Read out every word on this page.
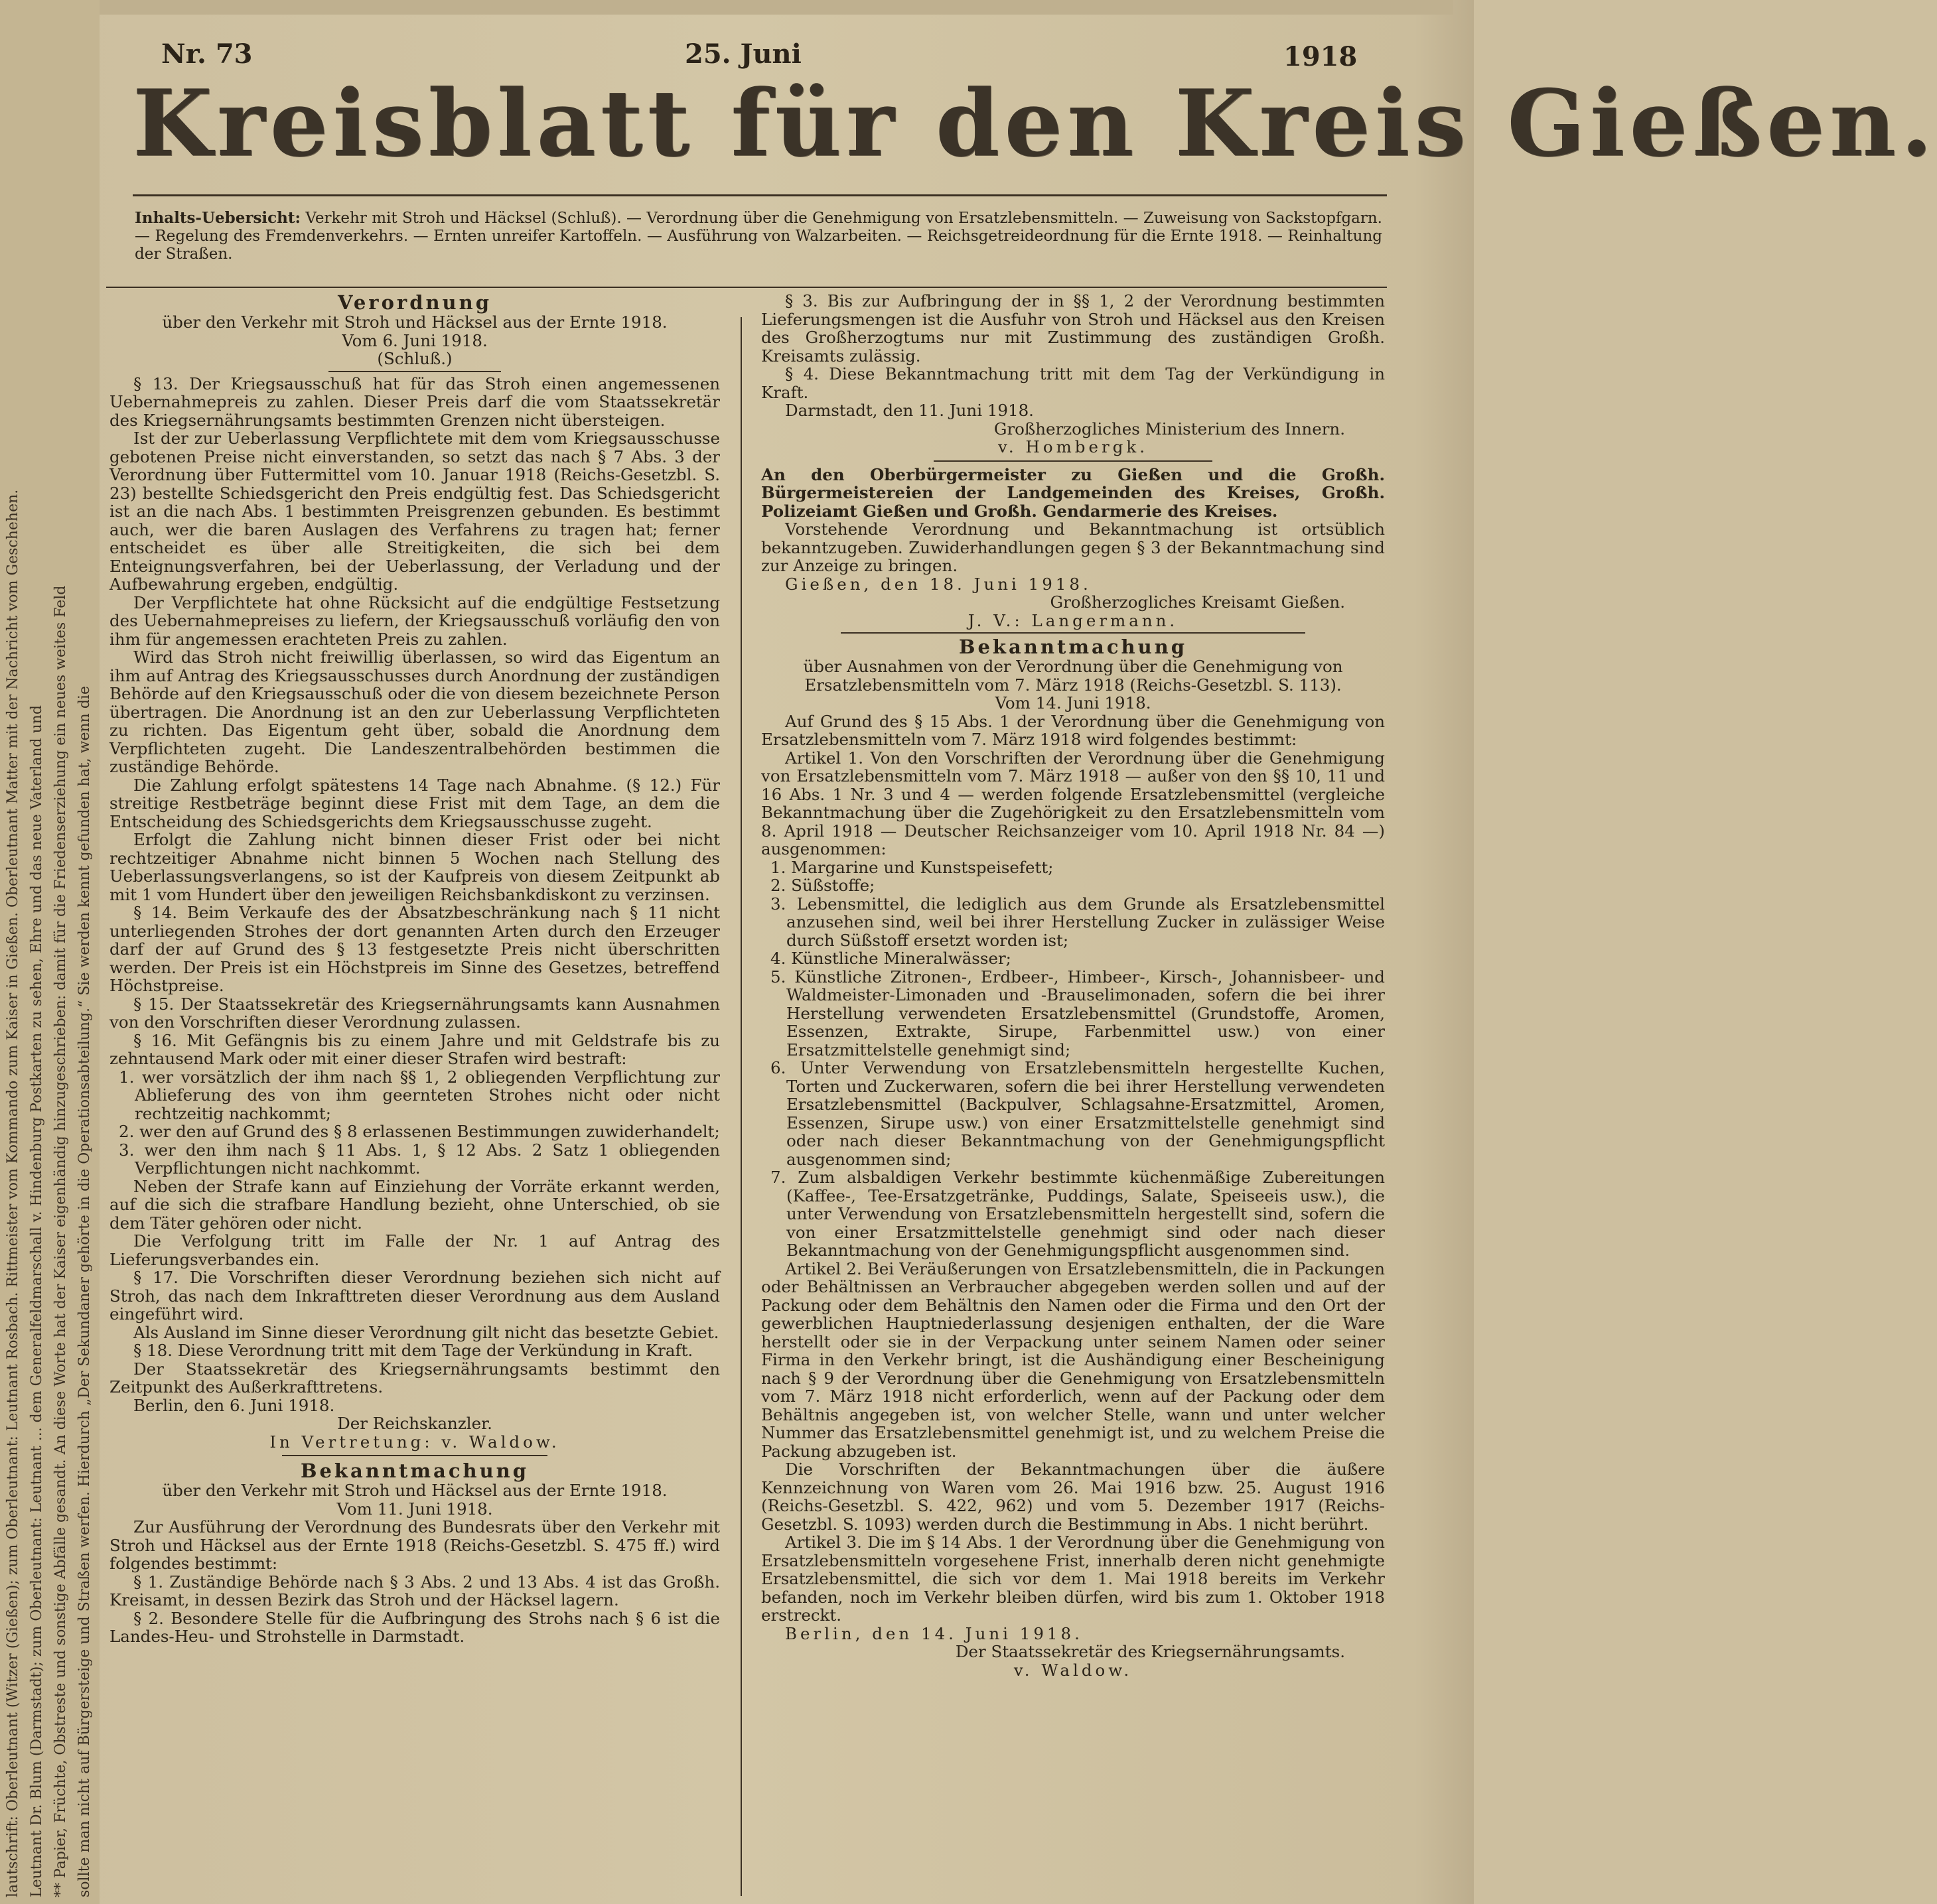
lautschrift: Oberleutnant (Witzer (Gießen); zum Oberleutnant: Leutnant Rosbach. Rittmeister vom Kommando zum Kaiser in Gießen. Oberleutnant Matter mit der Nachricht vom Geschehen. Leutnant Dr. Blum (Darmstadt); zum Oberleutnant: Leutnant ... dem Generalfeldmarschall v. Hindenburg Postkarten zu sehen, Ehre und das neue Vaterland und ** Papier, Früchte, Obstreste und sonstige Abfälle gesandt. An diese Worte hat der Kaiser eigenhändig hinzugeschrieben: damit für die Friedenserziehung ein neues weites Feld sollte man nicht auf Bürgersteige und Straßen werfen. Hierdurch „Der Sekundaner gehörte in die Operationsabteilung.“ Sie werden kennt gefunden hat, wenn die
Nr. 73	25. Juni	1918
Kreisblatt für den Kreis Gießen.
Inhalts-Uebersicht: Verkehr mit Stroh und Häcksel (Schluß). — Verordnung über die Genehmigung von Ersatzlebensmitteln. — Zuweisung von Sackstopfgarn. — Regelung des Fremdenverkehrs. — Ernten unreifer Kartoffeln. — Ausführung von Walzarbeiten. — Reichsgetreideordnung für die Ernte 1918. — Reinhaltung der Straßen.
Verordnung
über den Verkehr mit Stroh und Häcksel aus der Ernte 1918.
Vom 6. Juni 1918.
(Schluß.)
§ 13. Der Kriegsausschuß hat für das Stroh einen angemessenen Uebernahmepreis zu zahlen. Dieser Preis darf die vom Staatssekretär des Kriegsernährungsamts bestimmten Grenzen nicht übersteigen.
Ist der zur Ueberlassung Verpflichtete mit dem vom Kriegsausschusse gebotenen Preise nicht einverstanden, so setzt das nach § 7 Abs. 3 der Verordnung über Futtermittel vom 10. Januar 1918 (Reichs-Gesetzbl. S. 23) bestellte Schiedsgericht den Preis endgültig fest. Das Schiedsgericht ist an die nach Abs. 1 bestimmten Preisgrenzen gebunden. Es bestimmt auch, wer die baren Auslagen des Verfahrens zu tragen hat; ferner entscheidet es über alle Streitigkeiten, die sich bei dem Enteignungsverfahren, bei der Ueberlassung, der Verladung und der Aufbewahrung ergeben, endgültig.
Der Verpflichtete hat ohne Rücksicht auf die endgültige Festsetzung des Uebernahmepreises zu liefern, der Kriegsausschuß vorläufig den von ihm für angemessen erachteten Preis zu zahlen.
Wird das Stroh nicht freiwillig überlassen, so wird das Eigentum an ihm auf Antrag des Kriegsausschusses durch Anordnung der zuständigen Behörde auf den Kriegsausschuß oder die von diesem bezeichnete Person übertragen. Die Anordnung ist an den zur Ueberlassung Verpflichteten zu richten. Das Eigentum geht über, sobald die Anordnung dem Verpflichteten zugeht. Die Landeszentralbehörden bestimmen die zuständige Behörde.
Die Zahlung erfolgt spätestens 14 Tage nach Abnahme. (§ 12.) Für streitige Restbeträge beginnt diese Frist mit dem Tage, an dem die Entscheidung des Schiedsgerichts dem Kriegsausschusse zugeht.
Erfolgt die Zahlung nicht binnen dieser Frist oder bei nicht rechtzeitiger Abnahme nicht binnen 5 Wochen nach Stellung des Ueberlassungsverlangens, so ist der Kaufpreis von diesem Zeitpunkt ab mit 1 vom Hundert über den jeweiligen Reichsbankdiskont zu verzinsen.
§ 14. Beim Verkaufe des der Absatzbeschränkung nach § 11 nicht unterliegenden Strohes der dort genannten Arten durch den Erzeuger darf der auf Grund des § 13 festgesetzte Preis nicht überschritten werden. Der Preis ist ein Höchstpreis im Sinne des Gesetzes, betreffend Höchstpreise.
§ 15. Der Staatssekretär des Kriegsernährungsamts kann Ausnahmen von den Vorschriften dieser Verordnung zulassen.
§ 16. Mit Gefängnis bis zu einem Jahre und mit Geldstrafe bis zu zehntausend Mark oder mit einer dieser Strafen wird bestraft:
1. wer vorsätzlich der ihm nach §§ 1, 2 obliegenden Verpflichtung zur Ablieferung des von ihm geernteten Strohes nicht oder nicht rechtzeitig nachkommt;
2. wer den auf Grund des § 8 erlassenen Bestimmungen zuwiderhandelt;
3. wer den ihm nach § 11 Abs. 1, § 12 Abs. 2 Satz 1 obliegenden Verpflichtungen nicht nachkommt.
Neben der Strafe kann auf Einziehung der Vorräte erkannt werden, auf die sich die strafbare Handlung bezieht, ohne Unterschied, ob sie dem Täter gehören oder nicht.
Die Verfolgung tritt im Falle der Nr. 1 auf Antrag des Lieferungsverbandes ein.
§ 17. Die Vorschriften dieser Verordnung beziehen sich nicht auf Stroh, das nach dem Inkrafttreten dieser Verordnung aus dem Ausland eingeführt wird.
Als Ausland im Sinne dieser Verordnung gilt nicht das besetzte Gebiet.
§ 18. Diese Verordnung tritt mit dem Tage der Verkündung in Kraft.
Der Staatssekretär des Kriegsernährungsamts bestimmt den Zeitpunkt des Außerkrafttretens.
Berlin, den 6. Juni 1918.
Der Reichskanzler.
In Vertretung: v. Waldow.
Bekanntmachung
über den Verkehr mit Stroh und Häcksel aus der Ernte 1918.
Vom 11. Juni 1918.
Zur Ausführung der Verordnung des Bundesrats über den Verkehr mit Stroh und Häcksel aus der Ernte 1918 (Reichs-Gesetzbl. S. 475 ff.) wird folgendes bestimmt:
§ 1. Zuständige Behörde nach § 3 Abs. 2 und 13 Abs. 4 ist das Großh. Kreisamt, in dessen Bezirk das Stroh und der Häcksel lagern.
§ 2. Besondere Stelle für die Aufbringung des Strohs nach § 6 ist die Landes-Heu- und Strohstelle in Darmstadt.
§ 3. Bis zur Aufbringung der in §§ 1, 2 der Verordnung bestimmten Lieferungsmengen ist die Ausfuhr von Stroh und Häcksel aus den Kreisen des Großherzogtums nur mit Zustimmung des zuständigen Großh. Kreisamts zulässig.
§ 4. Diese Bekanntmachung tritt mit dem Tag der Verkündigung in Kraft.
Darmstadt, den 11. Juni 1918.
Großherzogliches Ministerium des Innern.
v. Hombergk.
An den Oberbürgermeister zu Gießen und die Großh. Bürgermeistereien der Landgemeinden des Kreises, Großh. Polizeiamt Gießen und Großh. Gendarmerie des Kreises.
Vorstehende Verordnung und Bekanntmachung ist ortsüblich bekanntzugeben. Zuwiderhandlungen gegen § 3 der Bekanntmachung sind zur Anzeige zu bringen.
Gießen, den 18. Juni 1918.
Großherzogliches Kreisamt Gießen.
J. V.: Langermann.
Bekanntmachung
über Ausnahmen von der Verordnung über die Genehmigung von Ersatzlebensmitteln vom 7. März 1918 (Reichs-Gesetzbl. S. 113).
Vom 14. Juni 1918.
Auf Grund des § 15 Abs. 1 der Verordnung über die Genehmigung von Ersatzlebensmitteln vom 7. März 1918 wird folgendes bestimmt:
Artikel 1. Von den Vorschriften der Verordnung über die Genehmigung von Ersatzlebensmitteln vom 7. März 1918 — außer von den §§ 10, 11 und 16 Abs. 1 Nr. 3 und 4 — werden folgende Ersatzlebensmittel (vergleiche Bekanntmachung über die Zugehörigkeit zu den Ersatzlebensmitteln vom 8. April 1918 — Deutscher Reichsanzeiger vom 10. April 1918 Nr. 84 —) ausgenommen:
1. Margarine und Kunstspeisefett;
2. Süßstoffe;
3. Lebensmittel, die lediglich aus dem Grunde als Ersatzlebensmittel anzusehen sind, weil bei ihrer Herstellung Zucker in zulässiger Weise durch Süßstoff ersetzt worden ist;
4. Künstliche Mineralwässer;
5. Künstliche Zitronen-, Erdbeer-, Himbeer-, Kirsch-, Johannisbeer- und Waldmeister-Limonaden und -Brauselimonaden, sofern die bei ihrer Herstellung verwendeten Ersatzlebensmittel (Grundstoffe, Aromen, Essenzen, Extrakte, Sirupe, Farbenmittel usw.) von einer Ersatzmittelstelle genehmigt sind;
6. Unter Verwendung von Ersatzlebensmitteln hergestellte Kuchen, Torten und Zuckerwaren, sofern die bei ihrer Herstellung verwendeten Ersatzlebensmittel (Backpulver, Schlagsahne-Ersatzmittel, Aromen, Essenzen, Sirupe usw.) von einer Ersatzmittelstelle genehmigt sind oder nach dieser Bekanntmachung von der Genehmigungspflicht ausgenommen sind;
7. Zum alsbaldigen Verkehr bestimmte küchenmäßige Zubereitungen (Kaffee-, Tee-Ersatzgetränke, Puddings, Salate, Speiseeis usw.), die unter Verwendung von Ersatzlebensmitteln hergestellt sind, sofern die von einer Ersatzmittelstelle genehmigt sind oder nach dieser Bekanntmachung von der Genehmigungspflicht ausgenommen sind.
Artikel 2. Bei Veräußerungen von Ersatzlebensmitteln, die in Packungen oder Behältnissen an Verbraucher abgegeben werden sollen und auf der Packung oder dem Behältnis den Namen oder die Firma und den Ort der gewerblichen Hauptniederlassung desjenigen enthalten, der die Ware herstellt oder sie in der Verpackung unter seinem Namen oder seiner Firma in den Verkehr bringt, ist die Aushändigung einer Bescheinigung nach § 9 der Verordnung über die Genehmigung von Ersatzlebensmitteln vom 7. März 1918 nicht erforderlich, wenn auf der Packung oder dem Behältnis angegeben ist, von welcher Stelle, wann und unter welcher Nummer das Ersatzlebensmittel genehmigt ist, und zu welchem Preise die Packung abzugeben ist.
Die Vorschriften der Bekanntmachungen über die äußere Kennzeichnung von Waren vom 26. Mai 1916 bzw. 25. August 1916 (Reichs-Gesetzbl. S. 422, 962) und vom 5. Dezember 1917 (Reichs-Gesetzbl. S. 1093) werden durch die Bestimmung in Abs. 1 nicht berührt.
Artikel 3. Die im § 14 Abs. 1 der Verordnung über die Genehmigung von Ersatzlebensmitteln vorgesehene Frist, innerhalb deren nicht genehmigte Ersatzlebensmittel, die sich vor dem 1. Mai 1918 bereits im Verkehr befanden, noch im Verkehr bleiben dürfen, wird bis zum 1. Oktober 1918 erstreckt.
Berlin, den 14. Juni 1918.
Der Staatssekretär des Kriegsernährungsamts.
v. Waldow.
